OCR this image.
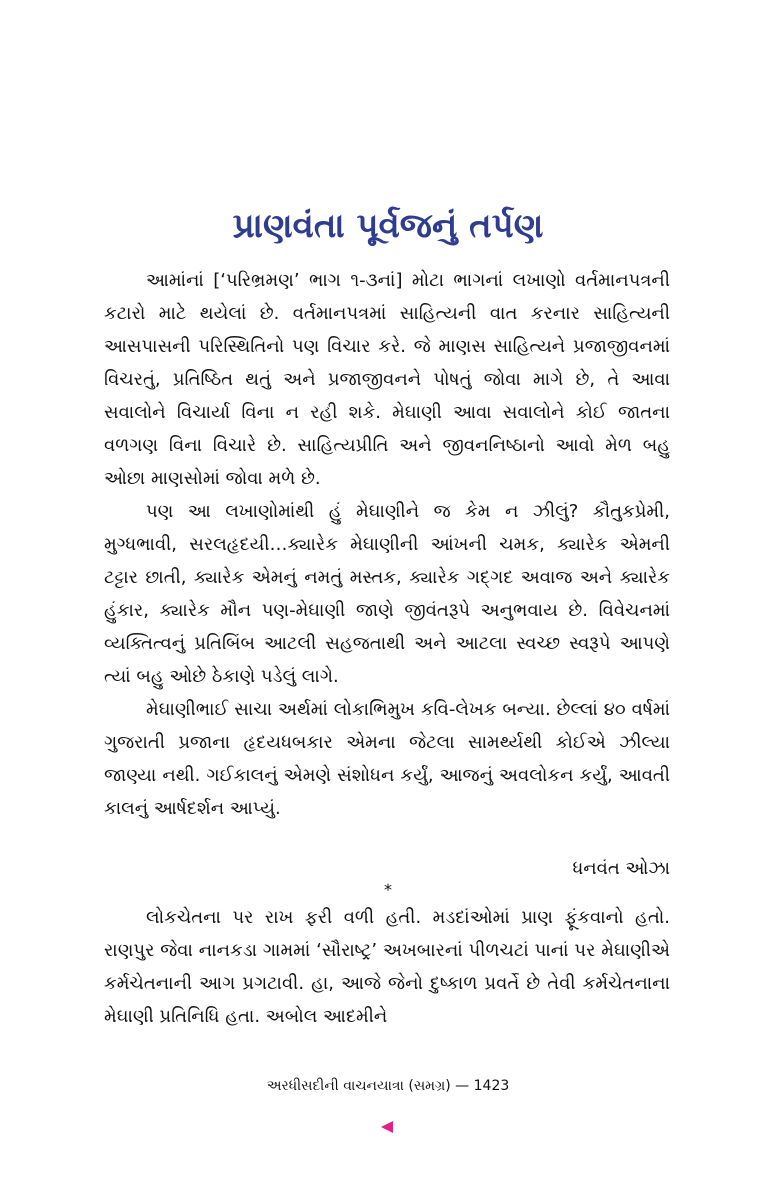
પ્રાણવંતા પૂર્વજનું તર્પણ

આમાંનાં [‘પરિભ્રમણ’ ભાગ ૧-૩નાં] મોટા ભાગનાં લખાણો વર્તમાનપત્રની કટારો માટે થયેલાં છે. વર્તમાનપત્રમાં સાહિત્યની વાત કરનાર સાહિત્યની આસપાસની પરિસ્થિતિનો પણ વિચાર કરે. જે માણસ સાહિત્યને પ્રજાજીવનમાં વિચરતું, પ્રતિષ્ઠિત થતું અને પ્રજાજીવનને પોષતું જોવા માગે છે, તે આવા સવાલોને વિચાર્યા વિના ન રહી શકે. મેઘાણી આવા સવાલોને કોઈ જાતના વળગણ વિના વિચારે છે. સાહિત્યપ્રીતિ અને જીવનનિષ્ઠાનો આવો મેળ બહુ ઓછા માણસોમાં જોવા મળે છે.

પણ આ લખાણોમાંથી હું મેઘાણીને જ કેમ ન ઝીલું? કૌતુકપ્રેમી, મુગ્ધભાવી, સરલહૃદયી…ક્યારેક મેઘાણીની આંખની ચમક, ક્યારેક એમની ટટ્ટાર છાતી, ક્યારેક એમનું નમતું મસ્તક, ક્યારેક ગદ્‌ગદ અવાજ અને ક્યારેક હુંકાર, ક્યારેક મૌન પણ-મેઘાણી જાણે જીવંતરૂપે અનુભવાય છે. વિવેચનમાં વ્યક્તિત્વનું પ્રતિબિંબ આટલી સહજતાથી અને આટલા સ્વચ્છ સ્વરૂપે આપણે ત્યાં બહુ ઓછે ઠેકાણે પડેલું લાગે.

મેઘાણીભાઈ સાચા અર્થમાં લોકાભિમુખ કવિ-લેખક બન્યા. છેલ્લાં ૪૦ વર્ષમાં ગુજરાતી પ્રજાના હૃદયધબકાર એમના જેટલા સામર્થ્યથી કોઈએ ઝીલ્યા જાણ્યા નથી. ગઈકાલનું એમણે સંશોધન કર્યું, આજનું અવલોકન કર્યું, આવતી કાલનું આર્ષદર્શન આપ્યું.

ધનવંત ઓઝા
*

લોકચેતના પર રાખ ફરી વળી હતી. મડદાંઓમાં પ્રાણ ફૂંકવાનો હતો. રાણપુર જેવા નાનકડા ગામમાં ‘સૌરાષ્ટ્ર’ અખબારનાં પીળચટાં પાનાં પર મેઘાણીએ કર્મચેતનાની આગ પ્રગટાવી. હા, આજે જેનો દુષ્કાળ પ્રવર્તે છે તેવી કર્મચેતનાના મેઘાણી પ્રતિનિધિ હતા. અબોલ આદમીને

અરધીસદીની વાચનયાત્રા (સમગ્ર) — 1423
